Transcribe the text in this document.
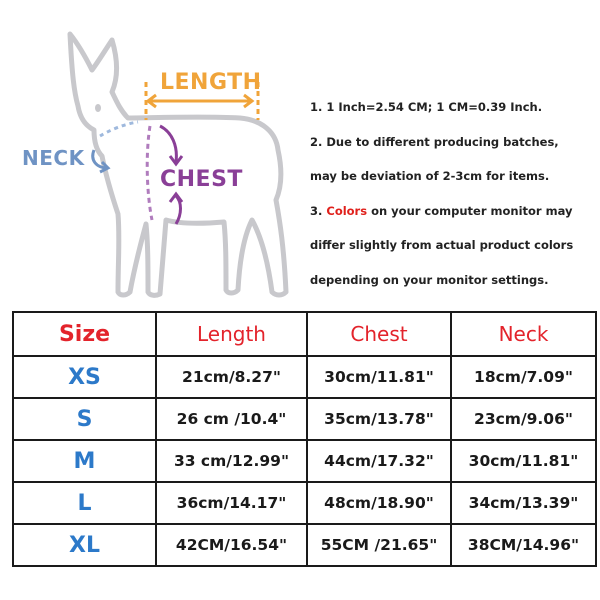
LENGTH
NECK
CHEST
1. 1 Inch=2.54 CM; 1 CM=0.39 Inch.
2. Due to different producing batches,
may be deviation of 2-3cm for items.
3. Colors on your computer monitor may
differ slightly from actual product colors
depending on your monitor settings.
Size	Length	Chest	Neck
XS	21cm/8.27"	30cm/11.81"	18cm/7.09"
S	26 cm /10.4"	35cm/13.78"	23cm/9.06"
M	33 cm/12.99"	44cm/17.32"	30cm/11.81"
L	36cm/14.17"	48cm/18.90"	34cm/13.39"
XL	42CM/16.54"	55CM /21.65"	38CM/14.96"
